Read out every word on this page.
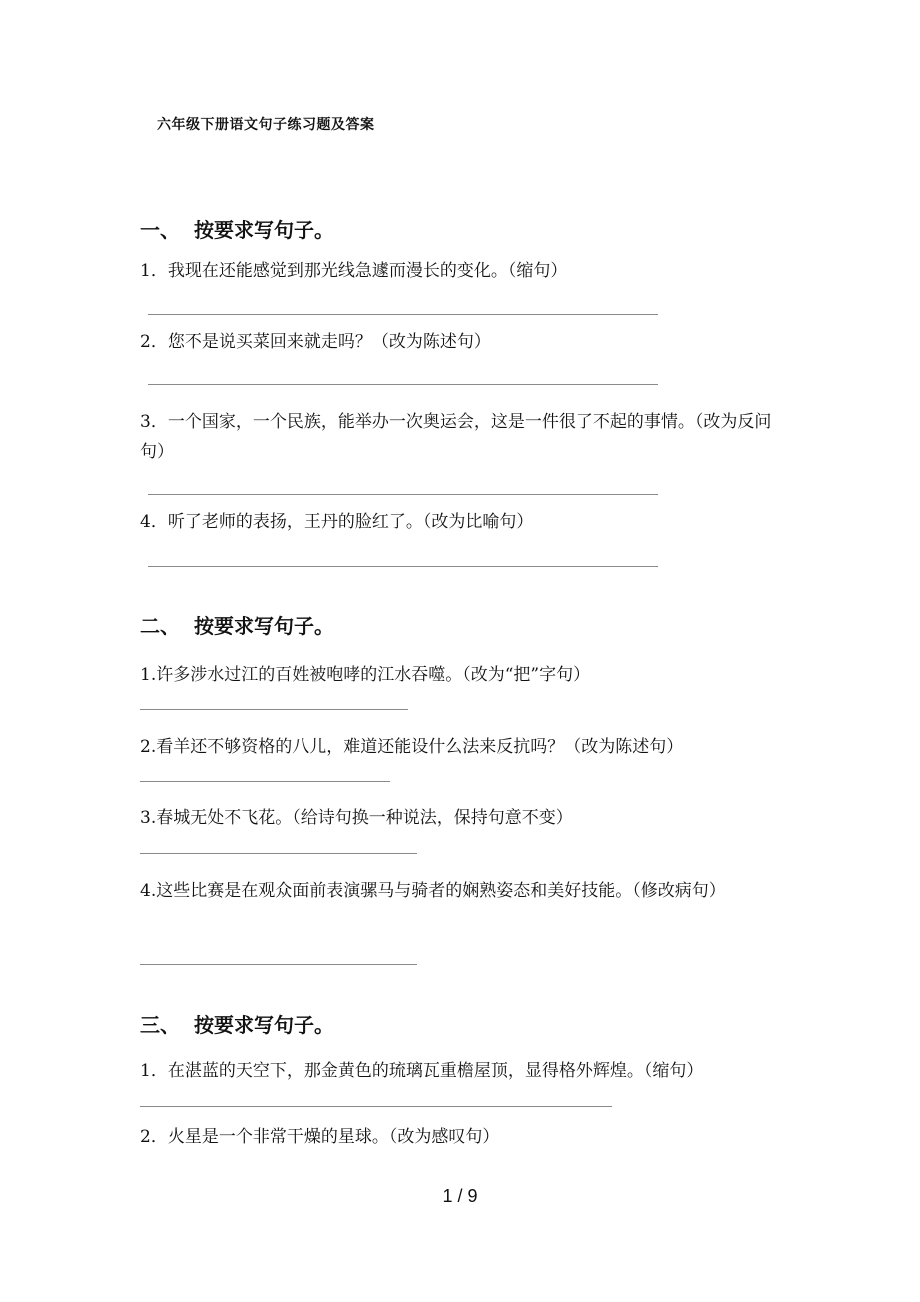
六年级下册语文句子练习题及答案
一、 按要求写句子。
1．我现在还能感觉到那光线急遽而漫长的变化。（缩句）
2．您不是说买菜回来就走吗？（改为陈述句）
3．一个国家，一个民族，能举办一次奥运会，这是一件很了不起的事情。（改为反问句）
4．听了老师的表扬，王丹的脸红了。（改为比喻句）
二、 按要求写句子。
1.许多涉水过江的百姓被咆哮的江水吞噬。（改为“把”字句）
2.看羊还不够资格的八儿，难道还能设什么法来反抗吗？（改为陈述句）
3.春城无处不飞花。（给诗句换一种说法，保持句意不变）
4.这些比赛是在观众面前表演骡马与骑者的娴熟姿态和美好技能。（修改病句）
三、 按要求写句子。
1．在湛蓝的天空下，那金黄色的琉璃瓦重檐屋顶，显得格外辉煌。（缩句）
2．火星是一个非常干燥的星球。（改为感叹句）
1 / 9
